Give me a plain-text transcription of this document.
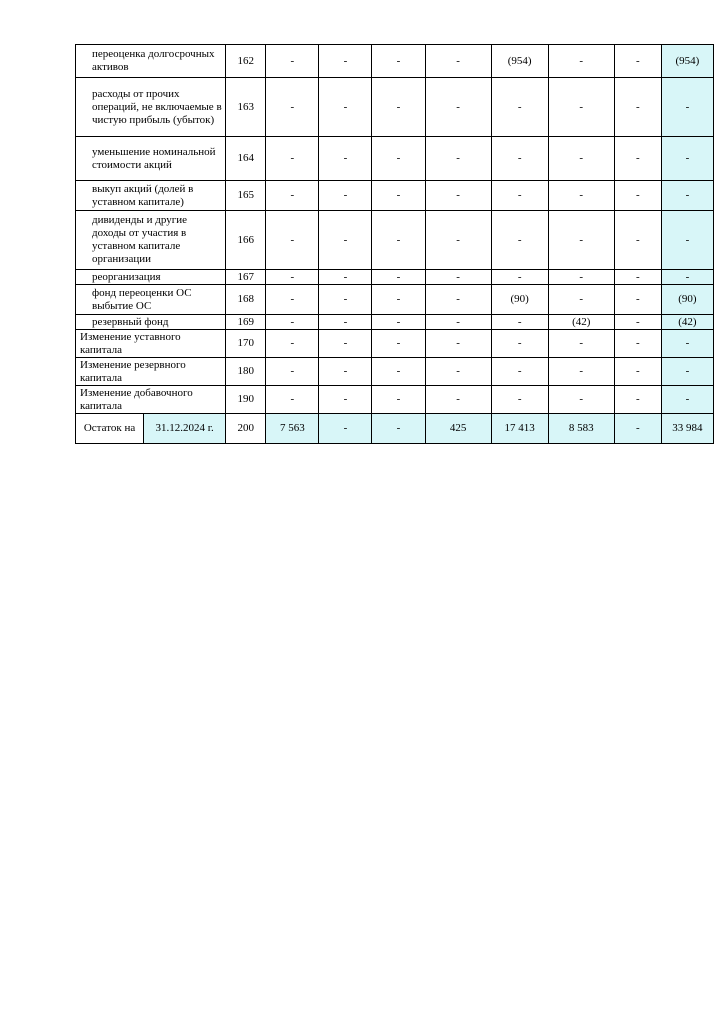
переоценка долгосрочных активов		162	-	-	-	-	(954)	-	-	(954)
расходы от прочих операций, не включаемые в чистую прибыль (убыток)		163	-	-	-	-	-	-	-	-
уменьшение номинальной стоимости акций		164	-	-	-	-	-	-	-	-
выкуп акций (долей в уставном капитале)		165	-	-	-	-	-	-	-	-
дивиденды и другие доходы от участия в уставном капитале организации		166	-	-	-	-	-	-	-	-
реорганизация		167	-	-	-	-	-	-	-	-
фонд переоценки ОС выбытие ОС		168	-	-	-	-	(90)	-	-	(90)
резервный фонд		169	-	-	-	-	-	(42)	-	(42)
Изменение уставного капитала		170	-	-	-	-	-	-	-	-
Изменение резервного капитала		180	-	-	-	-	-	-	-	-
Изменение добавочного капитала		190	-	-	-	-	-	-	-	-
Остаток на	31.12.2024 г.	200	7 563	-	-	425	17 413	8 583	-	33 984
